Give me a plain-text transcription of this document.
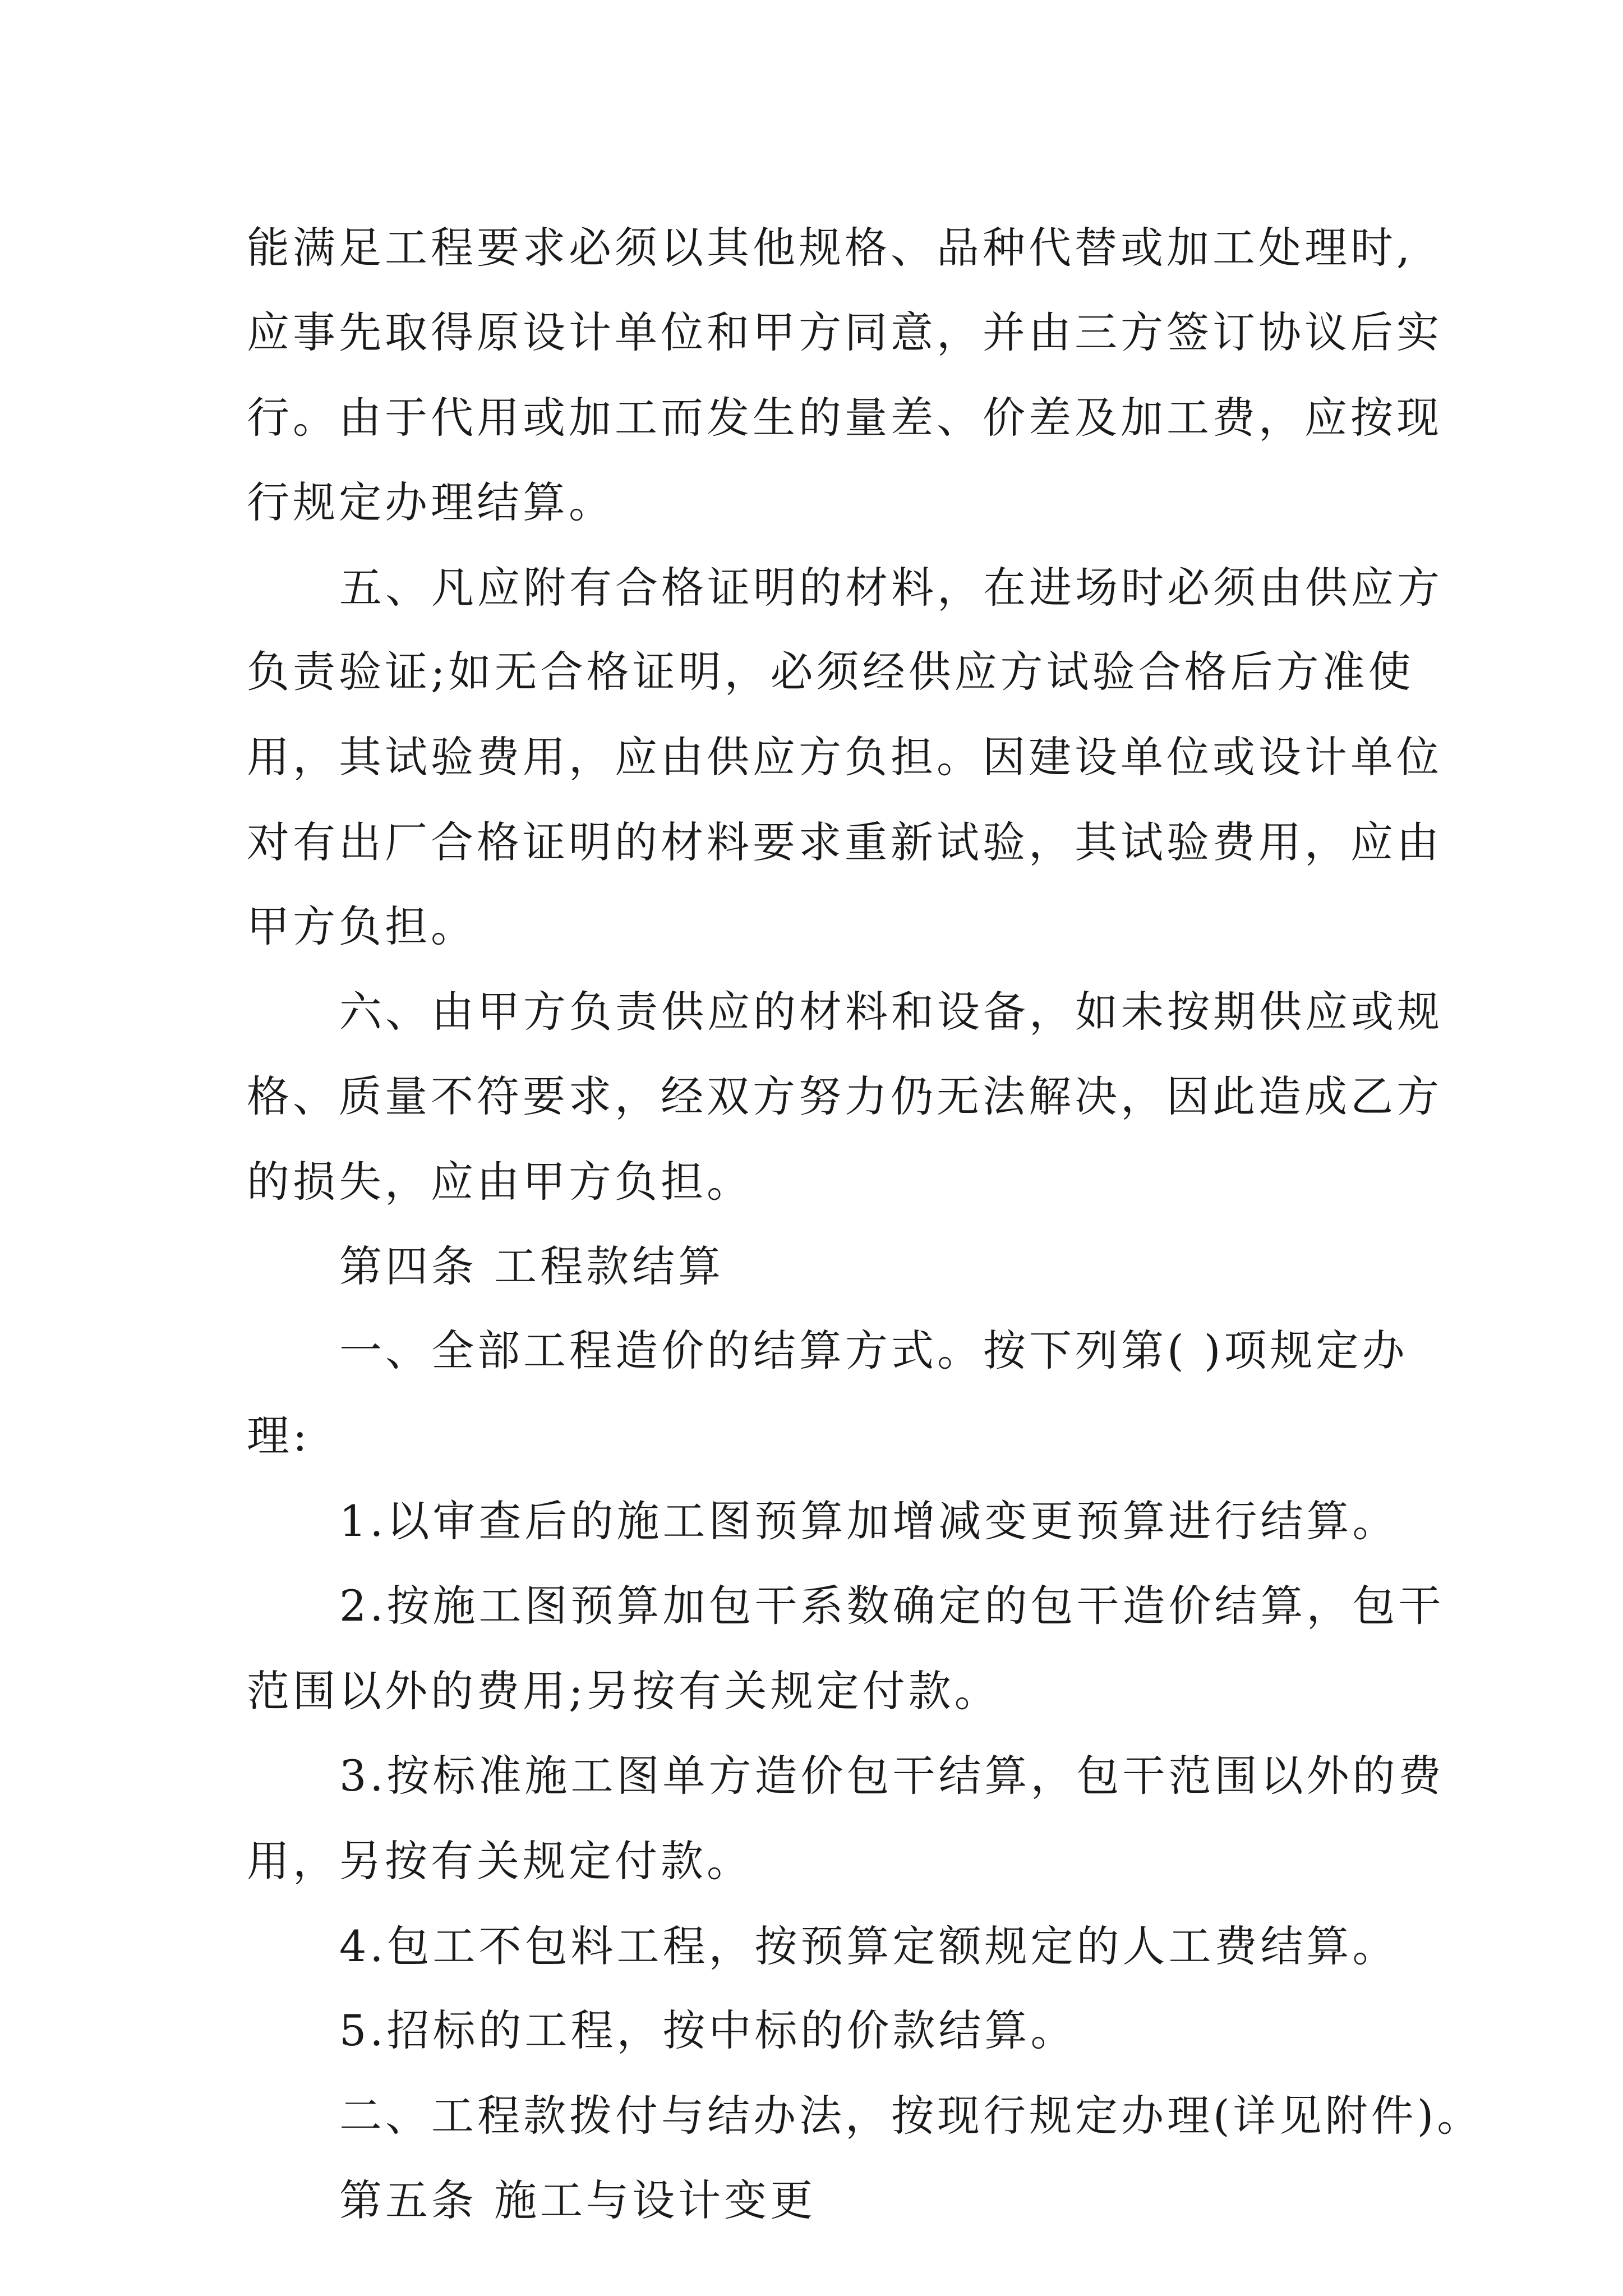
能满足工程要求必须以其他规格、品种代替或加工处理时,

应事先取得原设计单位和甲方同意，并由三方签订协议后实

行。由于代用或加工而发生的量差、价差及加工费，应按现

行规定办理结算。

五、凡应附有合格证明的材料，在进场时必须由供应方

负责验证;如无合格证明，必须经供应方试验合格后方准使

用，其试验费用，应由供应方负担。因建设单位或设计单位

对有出厂合格证明的材料要求重新试验，其试验费用，应由

甲方负担。

六、由甲方负责供应的材料和设备，如未按期供应或规

格、质量不符要求，经双方努力仍无法解决，因此造成乙方

的损失，应由甲方负担。

第四条 工程款结算

一、全部工程造价的结算方式。按下列第( )项规定办

理:

1.以审查后的施工图预算加增减变更预算进行结算。

2.按施工图预算加包干系数确定的包干造价结算，包干

范围以外的费用;另按有关规定付款。

3.按标准施工图单方造价包干结算，包干范围以外的费

用，另按有关规定付款。

4.包工不包料工程，按预算定额规定的人工费结算。

5.招标的工程，按中标的价款结算。

二、工程款拨付与结办法，按现行规定办理(详见附件)。

第五条 施工与设计变更
